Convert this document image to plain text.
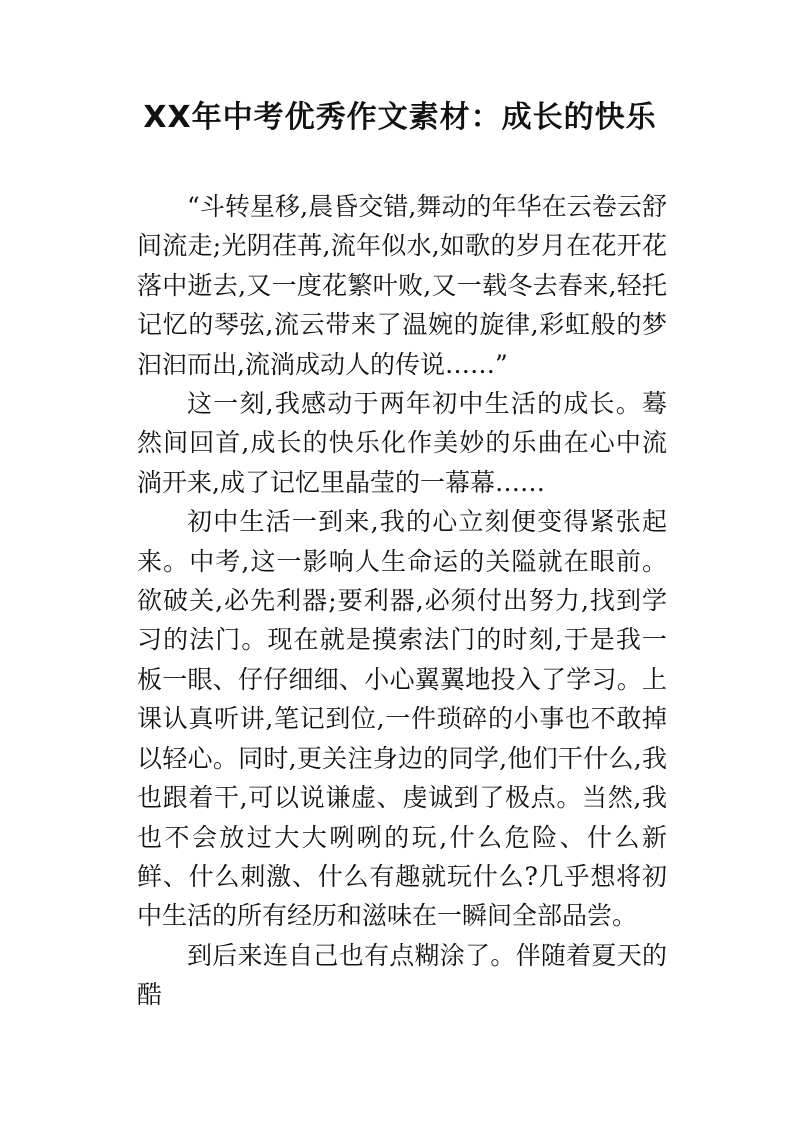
XX年中考优秀作文素材：成长的快乐

“斗转星移,晨昏交错,舞动的年华在云卷云舒间流走;光阴荏苒,流年似水,如歌的岁月在花开花落中逝去,又一度花繁叶败,又一载冬去春来,轻托记忆的琴弦,流云带来了温婉的旋律,彩虹般的梦汩汩而出,流淌成动人的传说……”

这一刻,我感动于两年初中生活的成长。蓦然间回首,成长的快乐化作美妙的乐曲在心中流淌开来,成了记忆里晶莹的一幕幕……

初中生活一到来,我的心立刻便变得紧张起来。中考,这一影响人生命运的关隘就在眼前。欲破关,必先利器;要利器,必须付出努力,找到学习的法门。现在就是摸索法门的时刻,于是我一板一眼、仔仔细细、小心翼翼地投入了学习。上课认真听讲,笔记到位,一件琐碎的小事也不敢掉以轻心。同时,更关注身边的同学,他们干什么,我也跟着干,可以说谦虚、虔诚到了极点。当然,我也不会放过大大咧咧的玩,什么危险、什么新鲜、什么刺激、什么有趣就玩什么?几乎想将初中生活的所有经历和滋味在一瞬间全部品尝。

到后来连自己也有点糊涂了。伴随着夏天的酷
